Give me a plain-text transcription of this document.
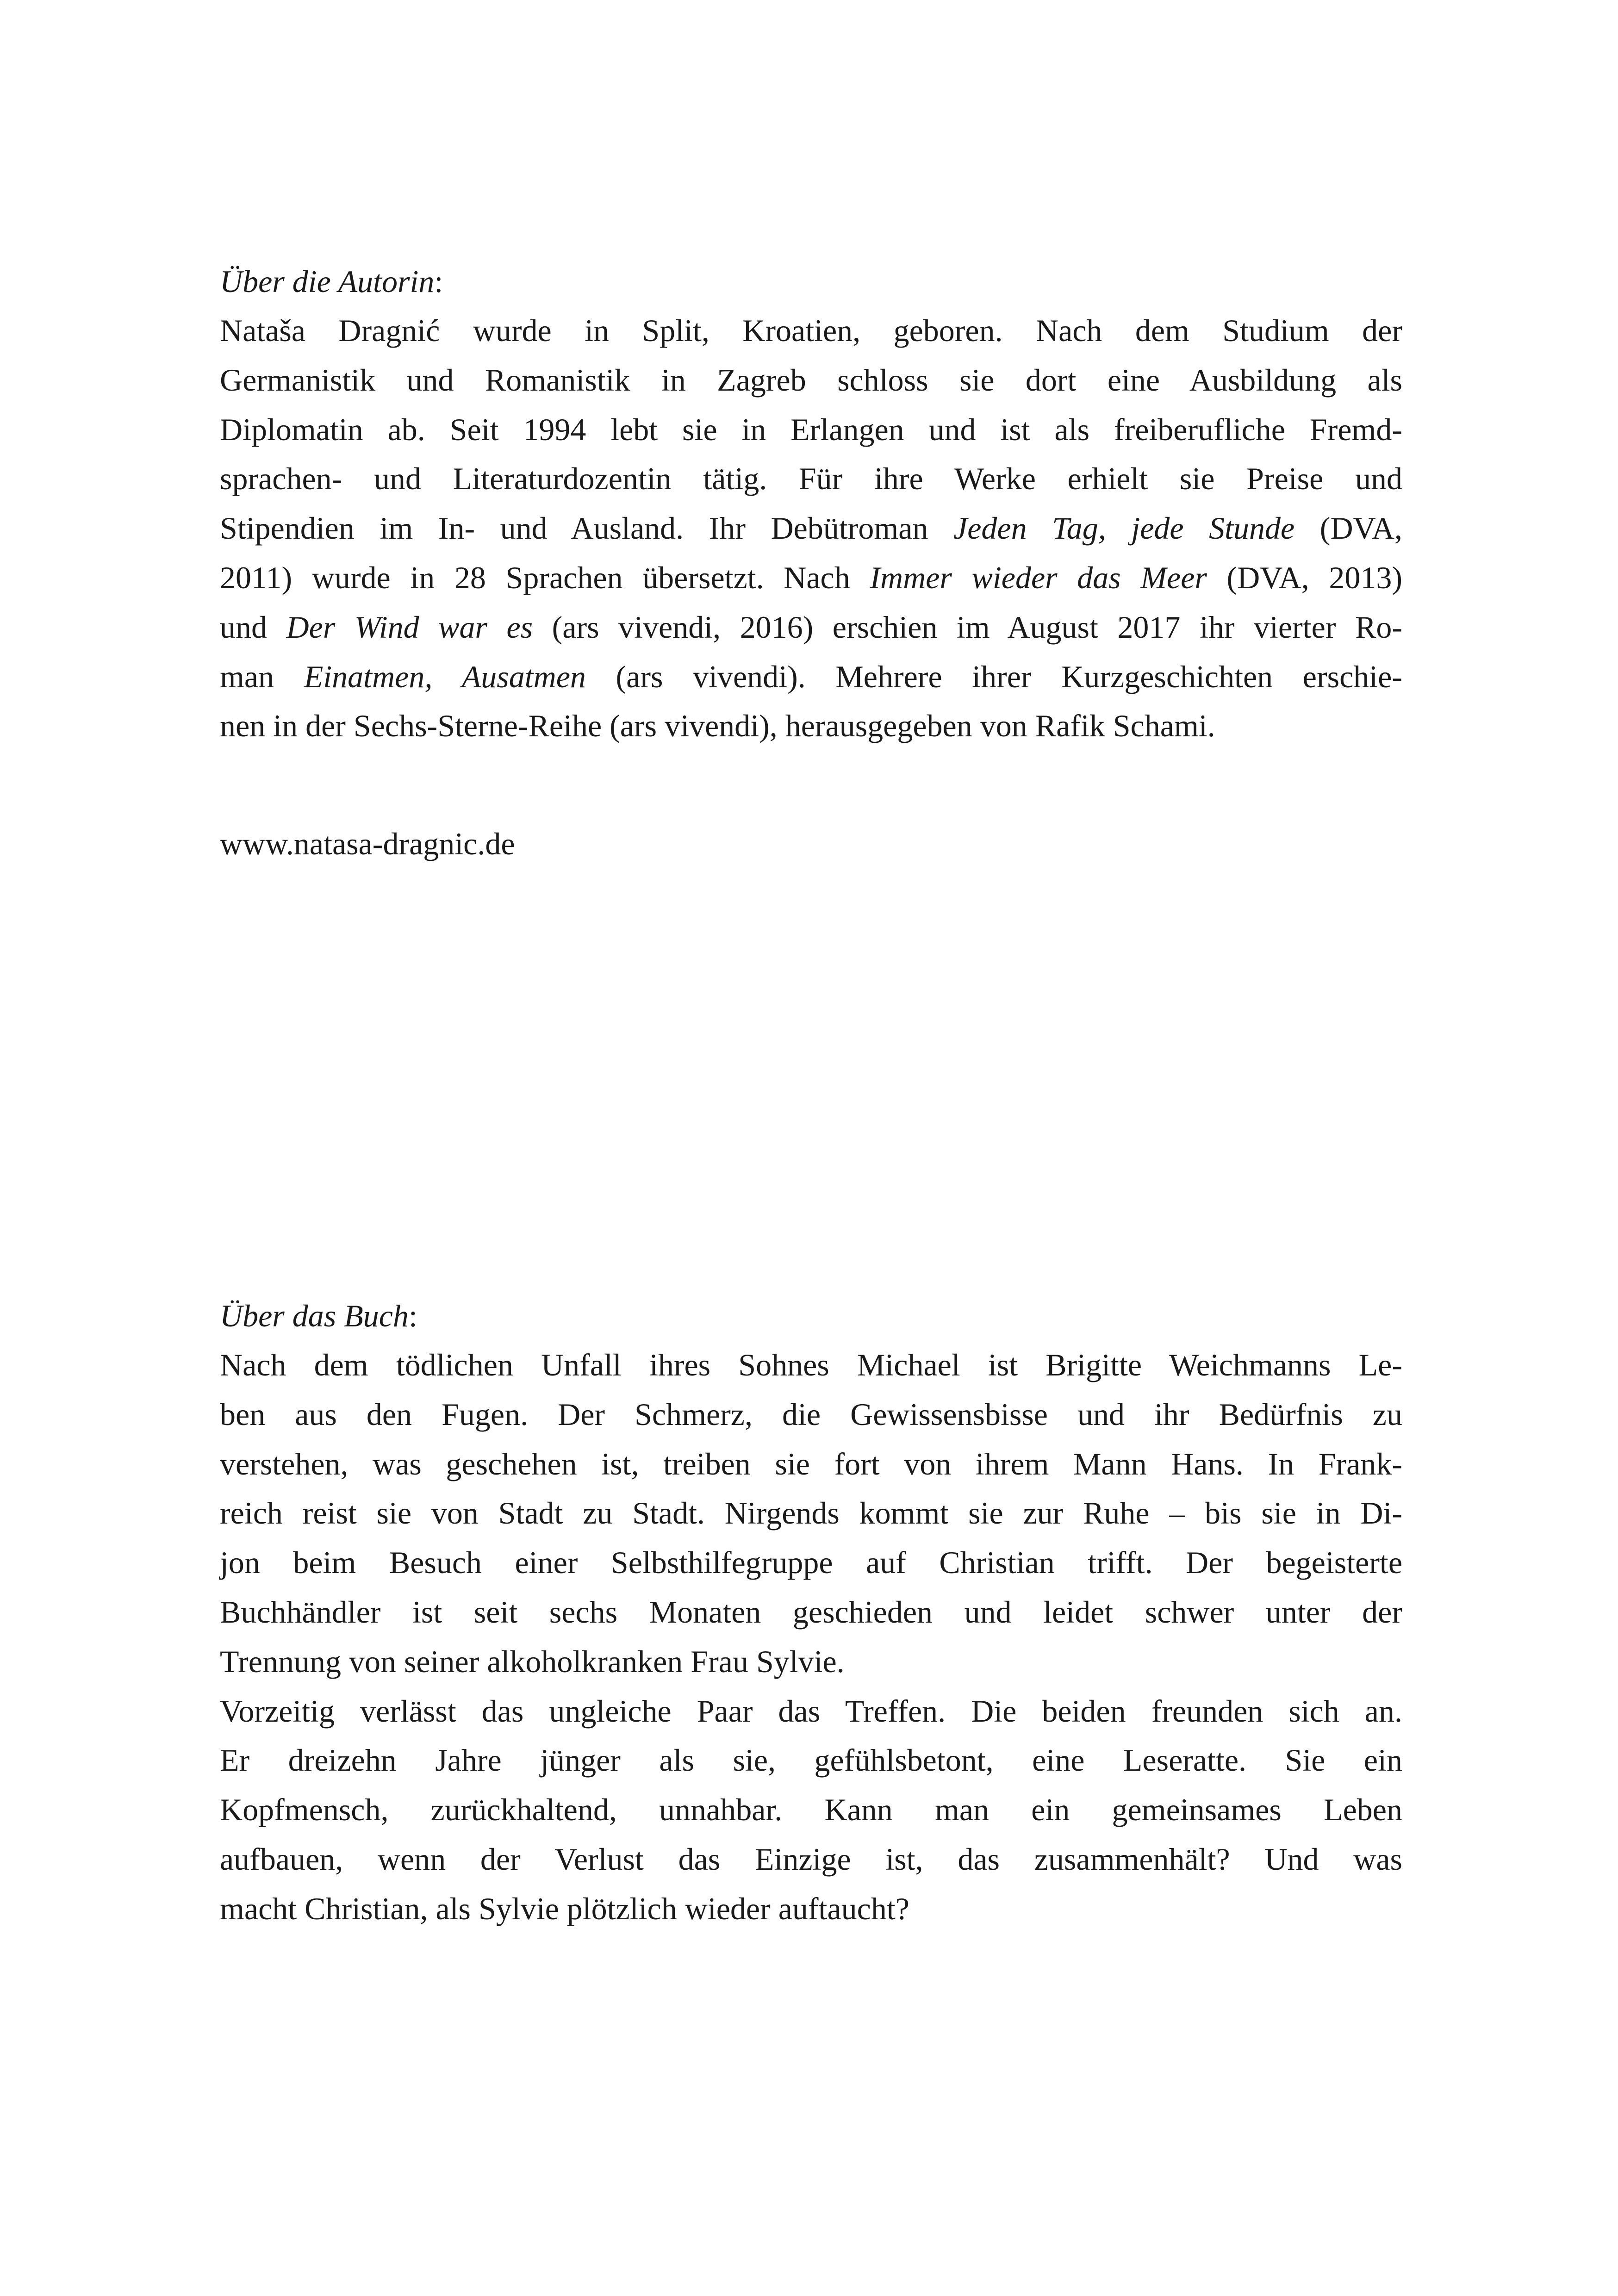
Über die Autorin:

Nataša Dragnić wurde in Split, Kroatien, geboren. Nach dem Studium der
Germanistik und Romanistik in Zagreb schloss sie dort eine Ausbildung als
Diplomatin ab. Seit 1994 lebt sie in Erlangen und ist als freiberufliche Fremd-
sprachen- und Literaturdozentin tätig. Für ihre Werke erhielt sie Preise und
Stipendien im In- und Ausland. Ihr Debütroman Jeden Tag, jede Stunde (DVA,
2011) wurde in 28 Sprachen übersetzt. Nach Immer wieder das Meer (DVA, 2013)
und Der Wind war es (ars vivendi, 2016) erschien im August 2017 ihr vierter Ro-
man Einatmen, Ausatmen (ars vivendi). Mehrere ihrer Kurzgeschichten erschie-
nen in der Sechs-Sterne-Reihe (ars vivendi), herausgegeben von Rafik Schami.

www.natasa-dragnic.de

Über das Buch:

Nach dem tödlichen Unfall ihres Sohnes Michael ist Brigitte Weichmanns Le-
ben aus den Fugen. Der Schmerz, die Gewissensbisse und ihr Bedürfnis zu
verstehen, was geschehen ist, treiben sie fort von ihrem Mann Hans. In Frank-
reich reist sie von Stadt zu Stadt. Nirgends kommt sie zur Ruhe – bis sie in Di-
jon beim Besuch einer Selbsthilfegruppe auf Christian trifft. Der begeisterte
Buchhändler ist seit sechs Monaten geschieden und leidet schwer unter der
Trennung von seiner alkoholkranken Frau Sylvie.
Vorzeitig verlässt das ungleiche Paar das Treffen. Die beiden freunden sich an.
Er dreizehn Jahre jünger als sie, gefühlsbetont, eine Leseratte. Sie ein
Kopfmensch, zurückhaltend, unnahbar. Kann man ein gemeinsames Leben
aufbauen, wenn der Verlust das Einzige ist, das zusammenhält? Und was
macht Christian, als Sylvie plötzlich wieder auftaucht?
